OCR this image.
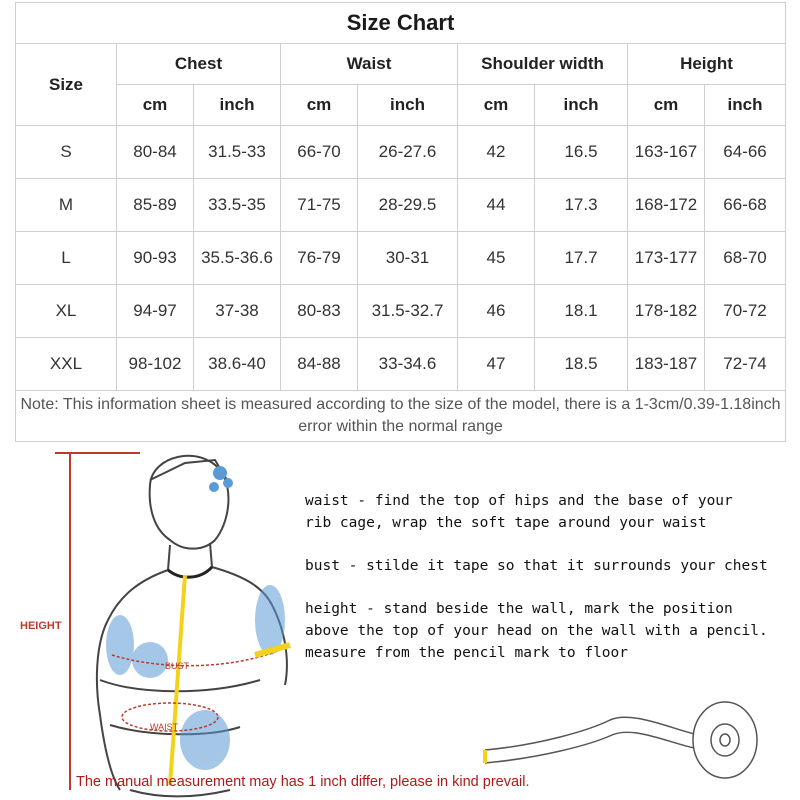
Size Chart								
Size	Chest		Waist		Shoulder width		Height	
	cm	inch	cm	inch	cm	inch	cm	inch
S	80-84	31.5-33	66-70	26-27.6	42	16.5	163-167	64-66
M	85-89	33.5-35	71-75	28-29.5	44	17.3	168-172	66-68
L	90-93	35.5-36.6	76-79	30-31	45	17.7	173-177	68-70
XL	94-97	37-38	80-83	31.5-32.7	46	18.1	178-182	70-72
XXL	98-102	38.6-40	84-88	33-34.6	47	18.5	183-187	72-74
Note: This information sheet is measured according to the size of the model, there is a 1-3cm/0.39-1.18inch error within the normal range								
BUST
WAIST
HEIGHT
waist - find the top of hips and the base of your
rib cage, wrap the soft tape around your waist
bust - stilde it tape so that it surrounds your chest
height - stand beside the wall, mark the position
above the top of your head on the wall with a pencil.
measure from the pencil mark to floor
The manual measurement may has 1 inch differ, please in kind prevail.
